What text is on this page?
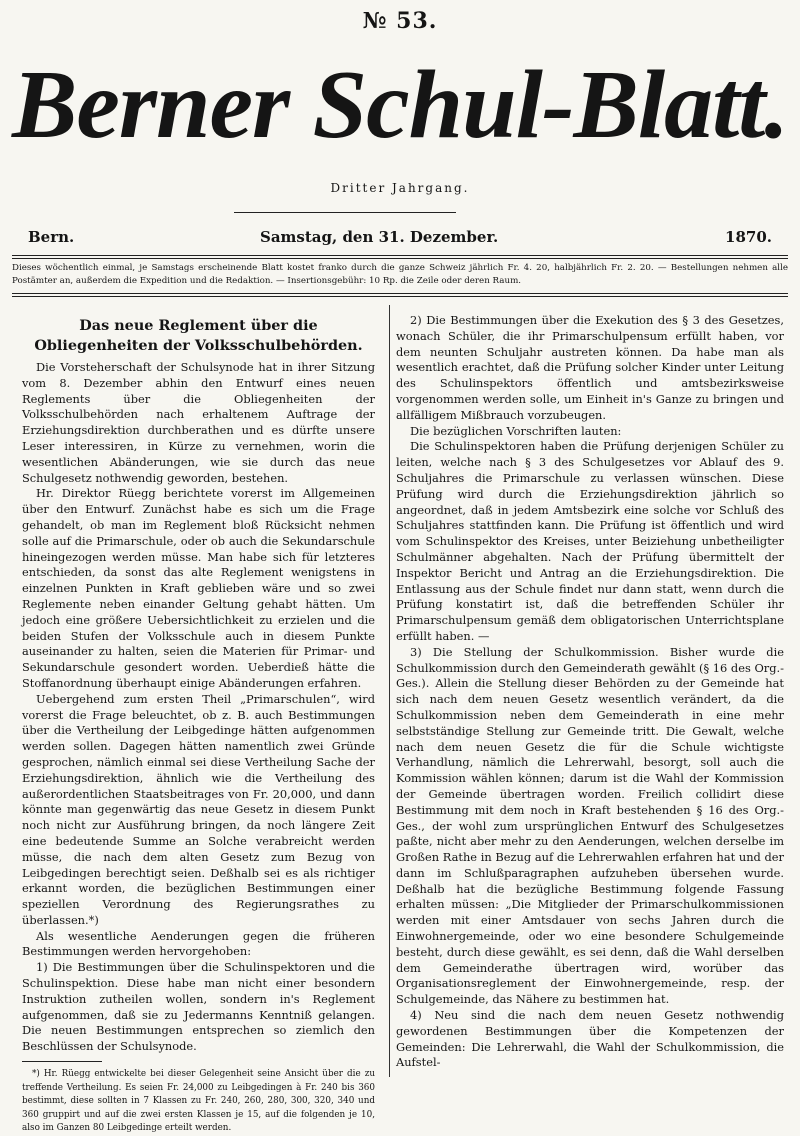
№ 53.
Berner Schul-Blatt.
Dritter Jahrgang.
Bern.	Samstag, den 31. Dezember.	1870.
Dieses wöchentlich einmal, je Samstags erscheinende Blatt kostet franko durch die ganze Schweiz jährlich Fr. 4. 20, halbjährlich Fr. 2. 20. — Bestellungen nehmen alle Postämter an, außerdem die Expedition und die Redaktion. — Insertionsgebühr: 10 Rp. die Zeile oder deren Raum.
Das neue Reglement über die Obliegenheiten der Volksschulbehörden.

Die Vorsteherschaft der Schulsynode hat in ihrer Sitzung vom 8. Dezember abhin den Entwurf eines neuen Reglements über die Obliegenheiten der Volksschulbehörden nach erhaltenem Auftrage der Erziehungsdirektion durchberathen und es dürfte unsere Leser interessiren, in Kürze zu vernehmen, worin die wesentlichen Abänderungen, wie sie durch das neue Schulgesetz nothwendig geworden, bestehen.

Hr. Direktor Rüegg berichtete vorerst im Allgemeinen über den Entwurf. Zunächst habe es sich um die Frage gehandelt, ob man im Reglement bloß Rücksicht nehmen solle auf die Primarschule, oder ob auch die Sekundarschule hineingezogen werden müsse. Man habe sich für letzteres entschieden, da sonst das alte Reglement wenigstens in einzelnen Punkten in Kraft geblieben wäre und so zwei Reglemente neben einander Geltung gehabt hätten. Um jedoch eine größere Uebersichtlichkeit zu erzielen und die beiden Stufen der Volksschule auch in diesem Punkte auseinander zu halten, seien die Materien für Primar- und Sekundarschule gesondert worden. Ueberdieß hätte die Stoffanordnung überhaupt einige Abänderungen erfahren.

Uebergehend zum ersten Theil „Primarschulen“, wird vorerst die Frage beleuchtet, ob z. B. auch Bestimmungen über die Vertheilung der Leibgedinge hätten aufgenommen werden sollen. Dagegen hätten namentlich zwei Gründe gesprochen, nämlich einmal sei diese Vertheilung Sache der Erziehungsdirektion, ähnlich wie die Vertheilung des außerordentlichen Staatsbeitrages von Fr. 20,000, und dann könnte man gegenwärtig das neue Gesetz in diesem Punkt noch nicht zur Ausführung bringen, da noch längere Zeit eine bedeutende Summe an Solche verabreicht werden müsse, die nach dem alten Gesetz zum Bezug von Leibgedingen berechtigt seien. Deßhalb sei es als richtiger erkannt worden, die bezüglichen Bestimmungen einer speziellen Verordnung des Regierungsrathes zu überlassen.*)

Als wesentliche Aenderungen gegen die früheren Bestimmungen werden hervorgehoben:

1) Die Bestimmungen über die Schulinspektoren und die Schulinspektion. Diese habe man nicht einer besondern Instruktion zutheilen wollen, sondern in's Reglement aufgenommen, daß sie zu Jedermanns Kenntniß gelangen. Die neuen Bestimmungen entsprechen so ziemlich den Beschlüssen der Schulsynode.

*) Hr. Rüegg entwickelte bei dieser Gelegenheit seine Ansicht über die zu treffende Vertheilung. Es seien Fr. 24,000 zu Leibgedingen à Fr. 240 bis 360 bestimmt, diese sollten in 7 Klassen zu Fr. 240, 260, 280, 300, 320, 340 und 360 gruppirt und auf die zwei ersten Klassen je 15, auf die folgenden je 10, also im Ganzen 80 Leibgedinge erteilt werden.

2) Die Bestimmungen über die Exekution des § 3 des Gesetzes, wonach Schüler, die ihr Primarschulpensum erfüllt haben, vor dem neunten Schuljahr austreten können. Da habe man als wesentlich erachtet, daß die Prüfung solcher Kinder unter Leitung des Schulinspektors öffentlich und amtsbezirksweise vorgenommen werden solle, um Einheit in's Ganze zu bringen und allfälligem Mißbrauch vorzubeugen.

Die bezüglichen Vorschriften lauten:

Die Schulinspektoren haben die Prüfung derjenigen Schüler zu leiten, welche nach § 3 des Schulgesetzes vor Ablauf des 9. Schuljahres die Primarschule zu verlassen wünschen. Diese Prüfung wird durch die Erziehungsdirektion jährlich so angeordnet, daß in jedem Amtsbezirk eine solche vor Schluß des Schuljahres stattfinden kann. Die Prüfung ist öffentlich und wird vom Schulinspektor des Kreises, unter Beiziehung unbetheiligter Schulmänner abgehalten. Nach der Prüfung übermittelt der Inspektor Bericht und Antrag an die Erziehungsdirektion. Die Entlassung aus der Schule findet nur dann statt, wenn durch die Prüfung konstatirt ist, daß die betreffenden Schüler ihr Primarschulpensum gemäß dem obligatorischen Unterrichtsplane erfüllt haben. —

3) Die Stellung der Schulkommission. Bisher wurde die Schulkommission durch den Gemeinderath gewählt (§ 16 des Org.-Ges.). Allein die Stellung dieser Behörden zu der Gemeinde hat sich nach dem neuen Gesetz wesentlich verändert, da die Schulkommission neben dem Gemeinderath in eine mehr selbstständige Stellung zur Gemeinde tritt. Die Gewalt, welche nach dem neuen Gesetz die für die Schule wichtigste Verhandlung, nämlich die Lehrerwahl, besorgt, soll auch die Kommission wählen können; darum ist die Wahl der Kommission der Gemeinde übertragen worden. Freilich collidirt diese Bestimmung mit dem noch in Kraft bestehenden § 16 des Org.-Ges., der wohl zum ursprünglichen Entwurf des Schulgesetzes paßte, nicht aber mehr zu den Aenderungen, welchen derselbe im Großen Rathe in Bezug auf die Lehrerwahlen erfahren hat und der dann im Schlußparagraphen aufzuheben übersehen wurde. Deßhalb hat die bezügliche Bestimmung folgende Fassung erhalten müssen: „Die Mitglieder der Primarschulkommissionen werden mit einer Amtsdauer von sechs Jahren durch die Einwohnergemeinde, oder wo eine besondere Schulgemeinde besteht, durch diese gewählt, es sei denn, daß die Wahl derselben dem Gemeinderathe übertragen wird, worüber das Organisationsreglement der Einwohnergemeinde, resp. der Schulgemeinde, das Nähere zu bestimmen hat.

4) Neu sind die nach dem neuen Gesetz nothwendig gewordenen Bestimmungen über die Kompetenzen der Gemeinden: Die Lehrerwahl, die Wahl der Schulkommission, die Aufstel-
